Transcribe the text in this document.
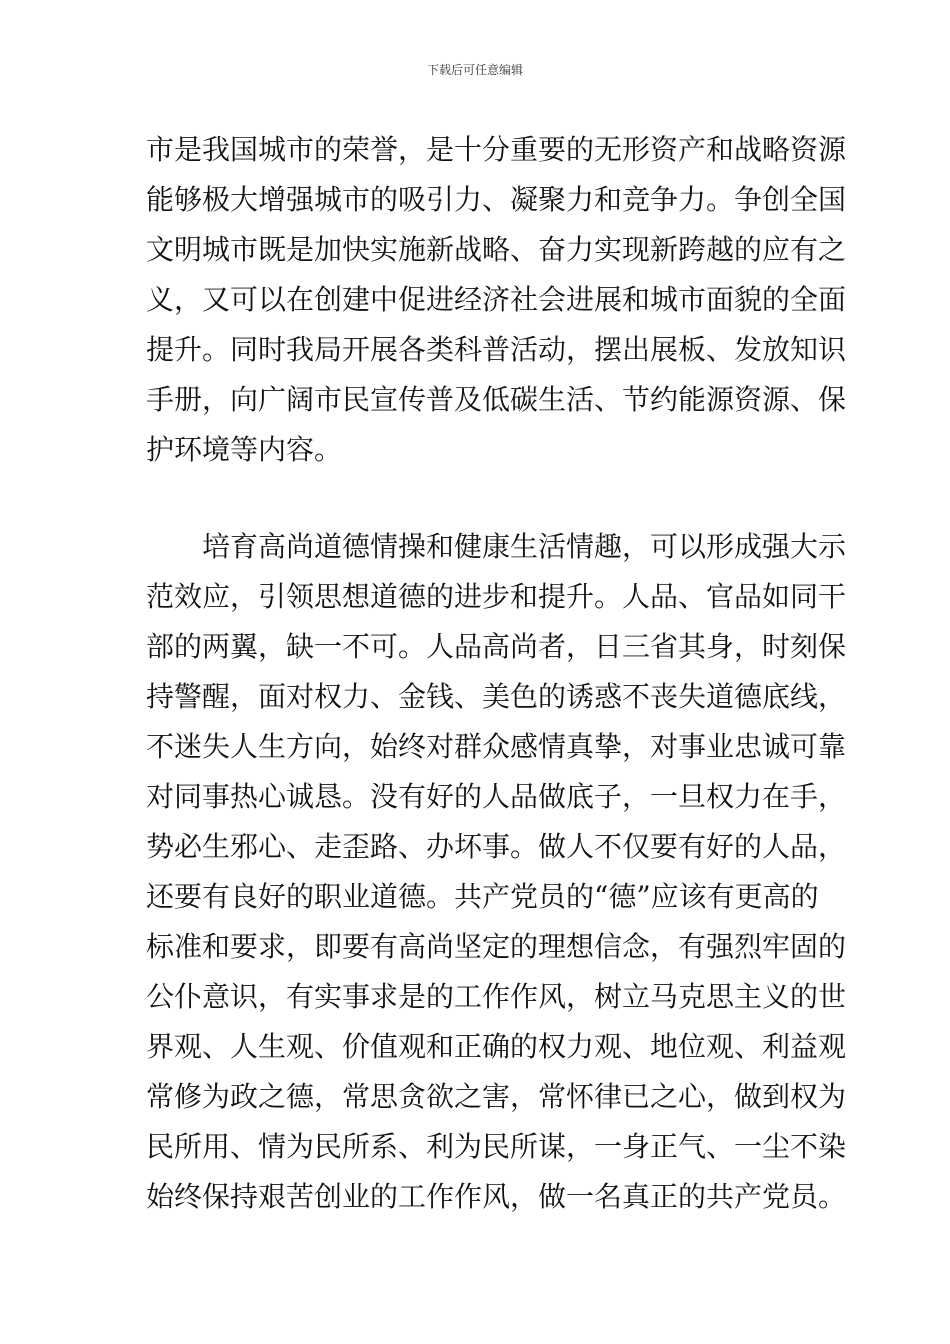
下载后可任意编辑
市是我国城市的荣誉，是十分重要的无形资产和战略资源
能够极大增强城市的吸引力、凝聚力和竞争力。争创全国
文明城市既是加快实施新战略、奋力实现新跨越的应有之
义，又可以在创建中促进经济社会进展和城市面貌的全面
提升。同时我局开展各类科普活动，摆出展板、发放知识
手册，向广阔市民宣传普及低碳生活、节约能源资源、保
护环境等内容。
培育高尚道德情操和健康生活情趣，可以形成强大示
范效应，引领思想道德的进步和提升。人品、官品如同干
部的两翼，缺一不可。人品高尚者，日三省其身，时刻保
持警醒，面对权力、金钱、美色的诱惑不丧失道德底线，
不迷失人生方向，始终对群众感情真挚，对事业忠诚可靠
对同事热心诚恳。没有好的人品做底子，一旦权力在手，
势必生邪心、走歪路、办坏事。做人不仅要有好的人品，
还要有良好的职业道德。共产党员的“德”应该有更高的
标准和要求，即要有高尚坚定的理想信念，有强烈牢固的
公仆意识，有实事求是的工作作风，树立马克思主义的世
界观、人生观、价值观和正确的权力观、地位观、利益观
常修为政之德，常思贪欲之害，常怀律已之心，做到权为
民所用、情为民所系、利为民所谋，一身正气、一尘不染
始终保持艰苦创业的工作作风，做一名真正的共产党员。
